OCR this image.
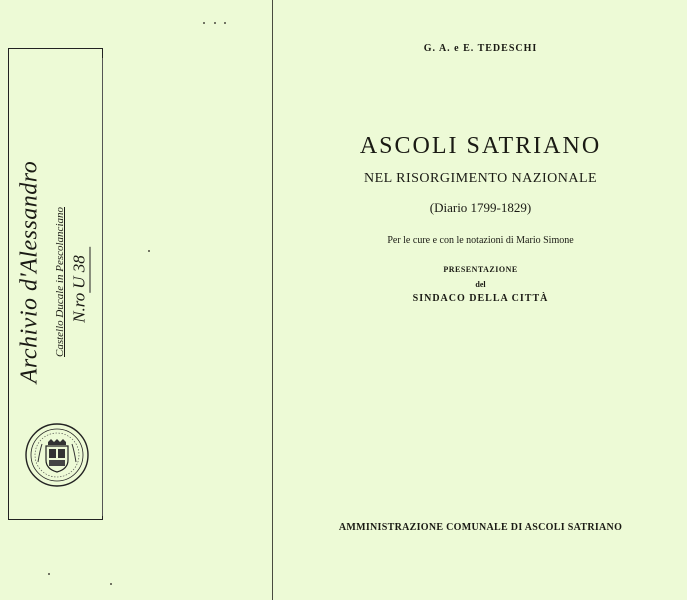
Archivio d'Alessandro Castello Ducale in Pescolanciano N.roU 38
G. A. e E. TEDESCHI
ASCOLI SATRIANO
NEL RISORGIMENTO NAZIONALE
(Diario 1799-1829)
Per le cure e con le notazioni di Mario Simone
PRESENTAZIONE
del
SINDACO DELLA CITTÀ
AMMINISTRAZIONE COMUNALE DI ASCOLI SATRIANO
